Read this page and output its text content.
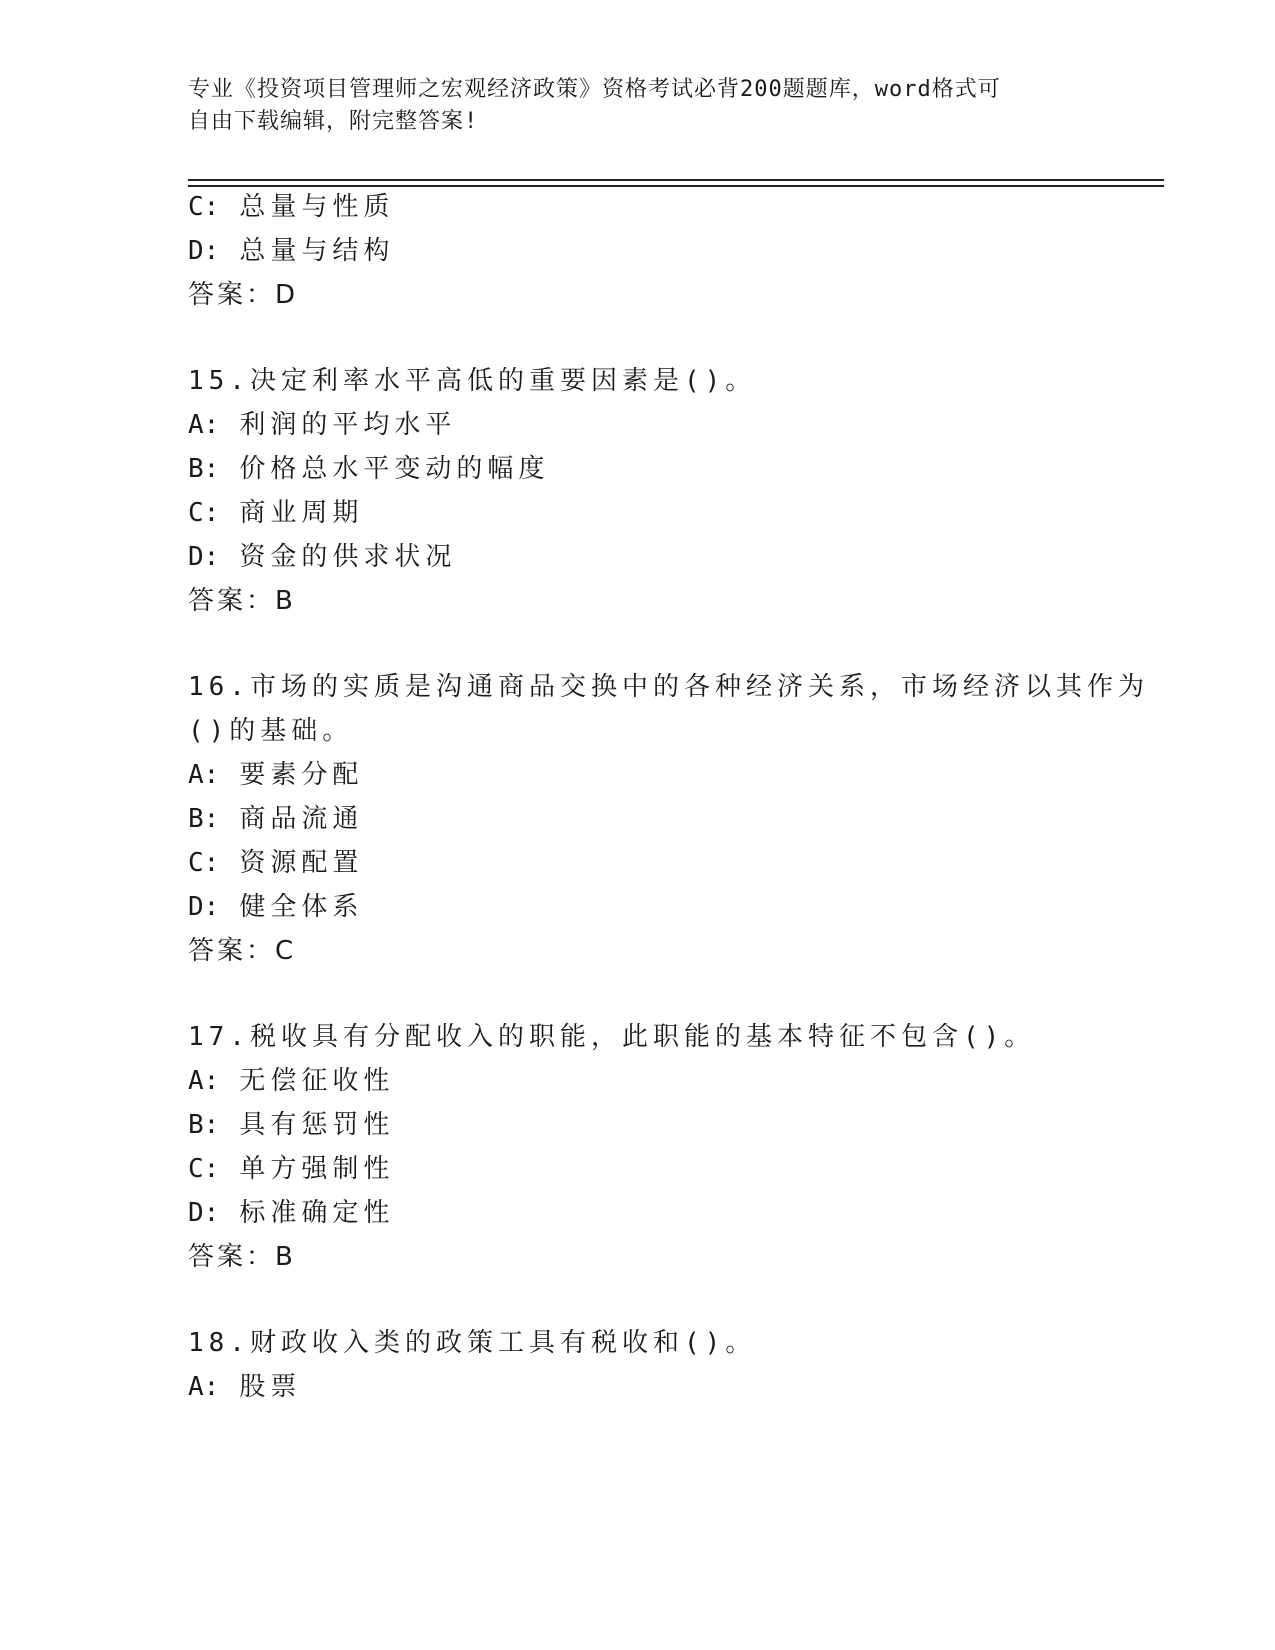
专业《投资项目管理师之宏观经济政策》资格考试必背200题题库，word格式可
自由下载编辑，附完整答案!
C: 总量与性质
D: 总量与结构
答案：D
15.决定利率水平高低的重要因素是()。
A: 利润的平均水平
B: 价格总水平变动的幅度
C: 商业周期
D: 资金的供求状况
答案：B
16.市场的实质是沟通商品交换中的各种经济关系，市场经济以其作为
()的基础。
A: 要素分配
B: 商品流通
C: 资源配置
D: 健全体系
答案：C
17.税收具有分配收入的职能，此职能的基本特征不包含()。
A: 无偿征收性
B: 具有惩罚性
C: 单方强制性
D: 标准确定性
答案：B
18.财政收入类的政策工具有税收和()。
A: 股票
